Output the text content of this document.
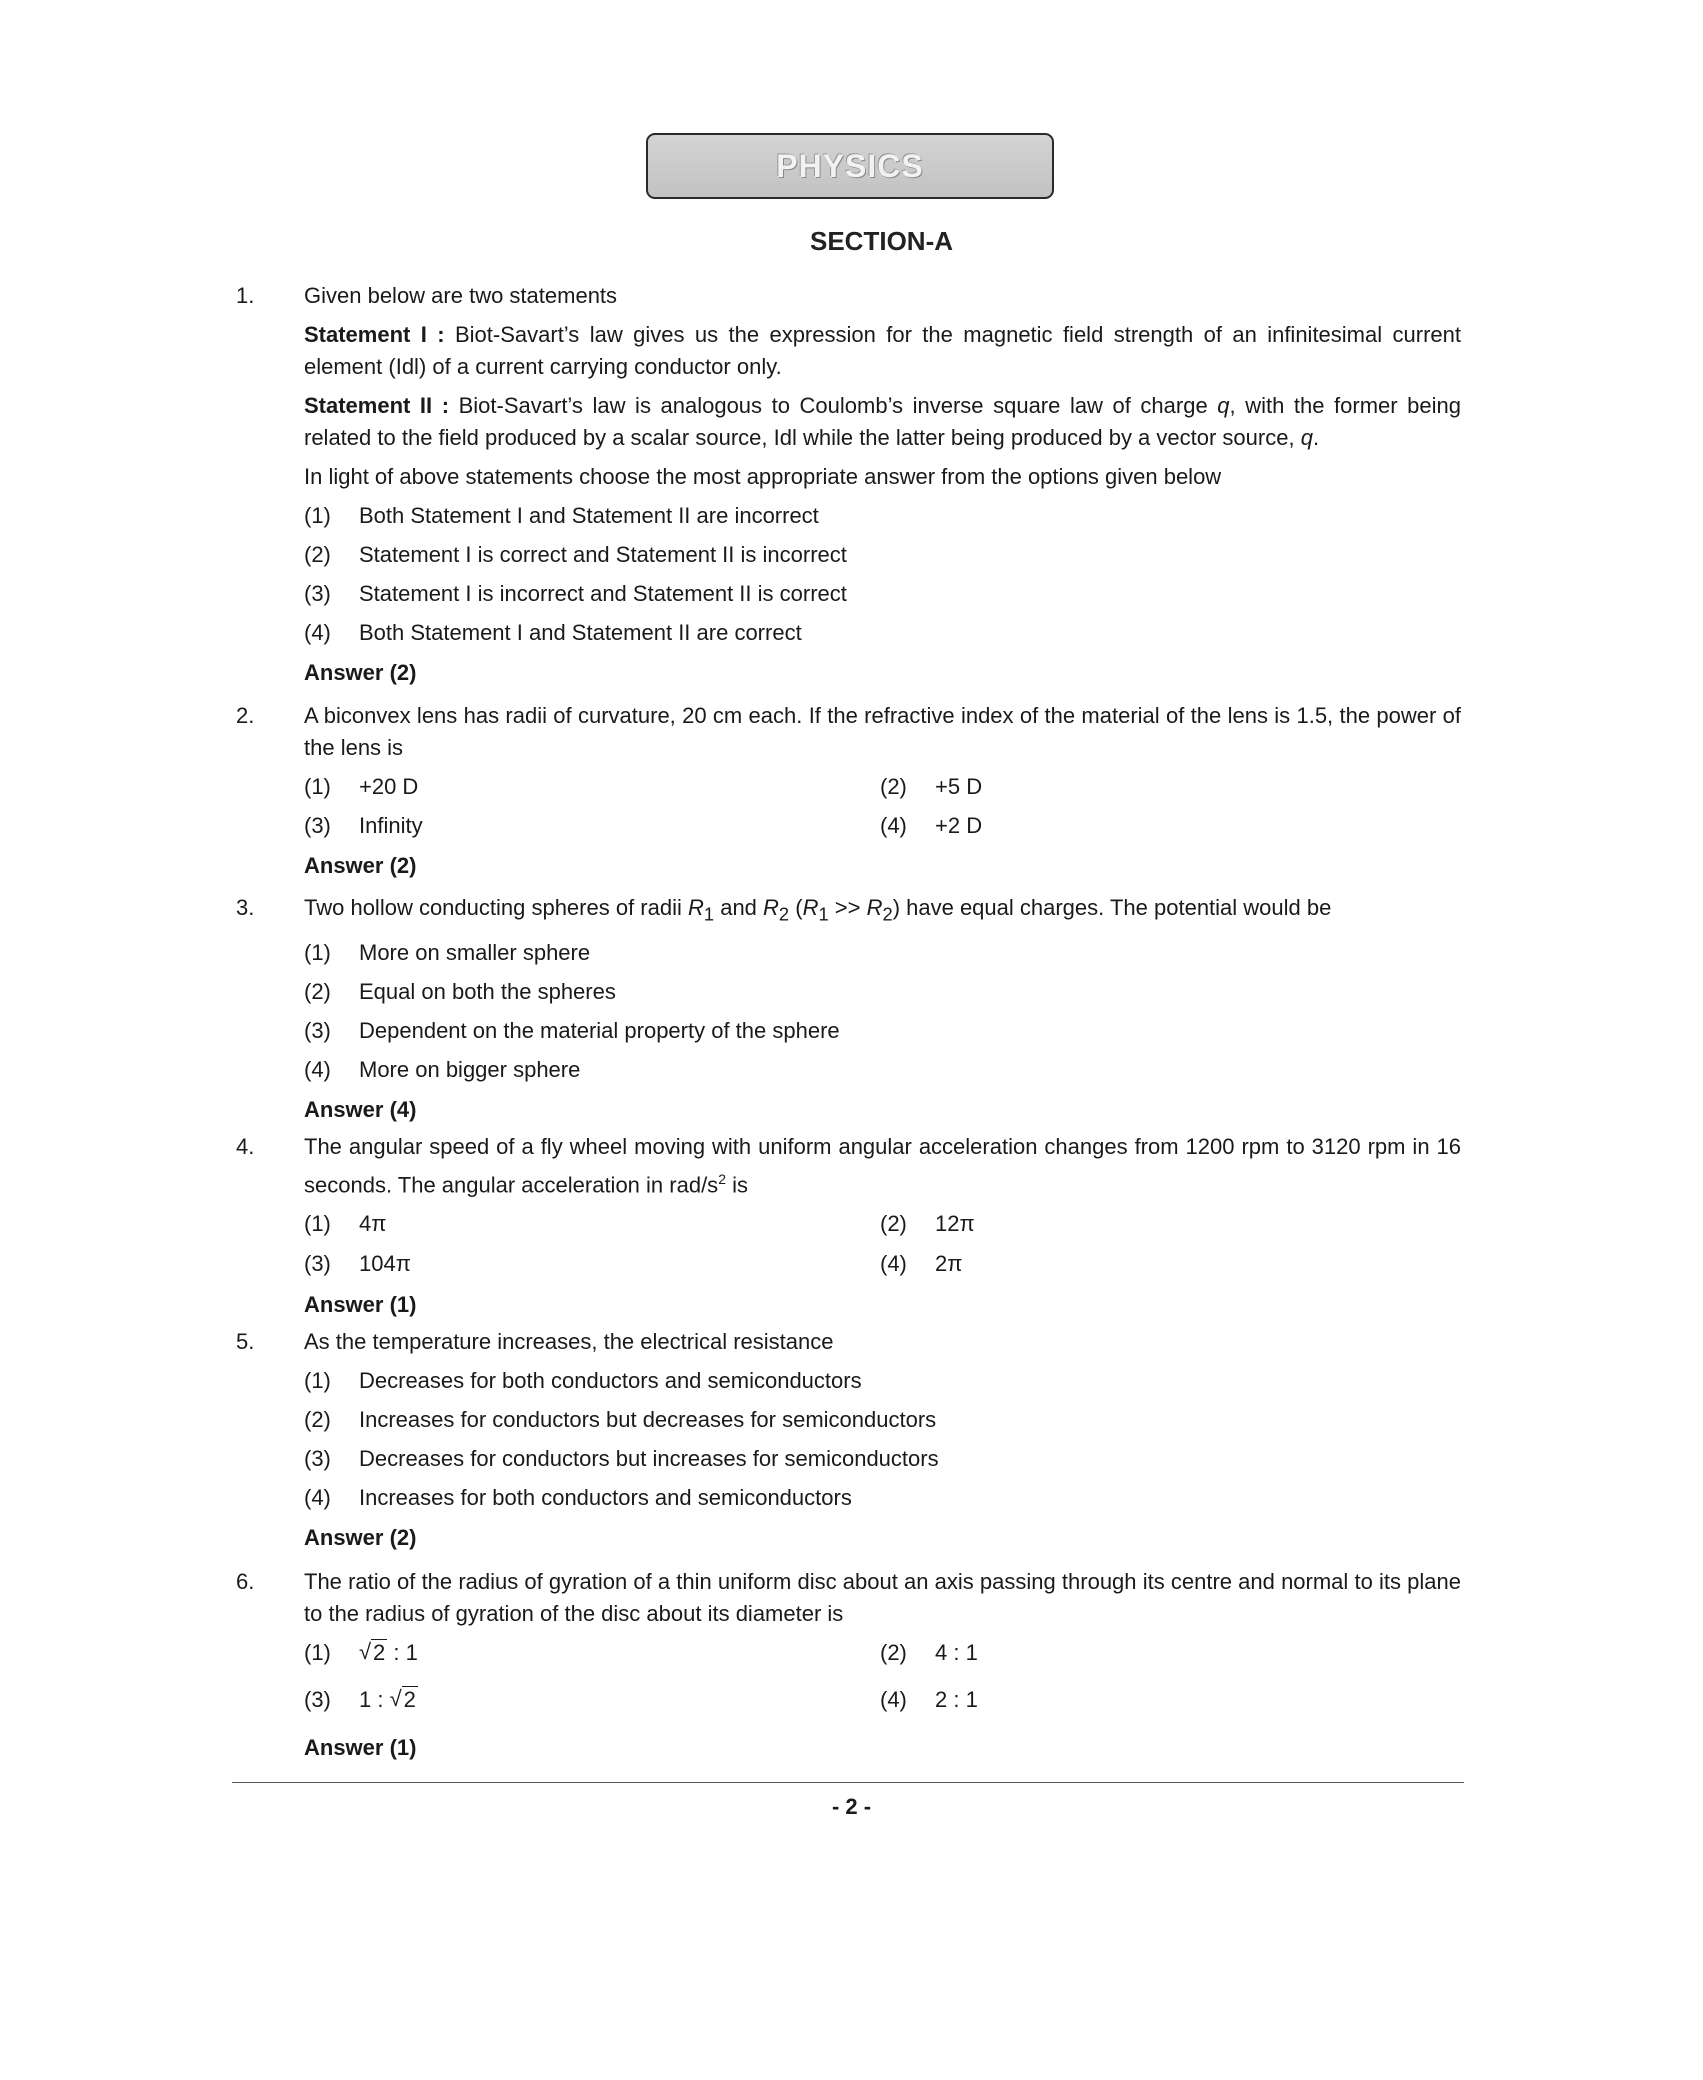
PHYSICS
SECTION-A
1. Given below are two statements
Statement I : Biot-Savart’s law gives us the expression for the magnetic field strength of an infinitesimal current element (Idl) of a current carrying conductor only.
Statement II : Biot-Savart’s law is analogous to Coulomb’s inverse square law of charge q, with the former being related to the field produced by a scalar source, Idl while the latter being produced by a vector source, q.
In light of above statements choose the most appropriate answer from the options given below
(1)	Both Statement I and Statement II are incorrect
(2)	Statement I is correct and Statement II is incorrect
(3)	Statement I is incorrect and Statement II is correct
(4)	Both Statement I and Statement II are correct
Answer (2)
2. A biconvex lens has radii of curvature, 20 cm each. If the refractive index of the material of the lens is 1.5, the power of the lens is
(1)	+20 D	(2)	+5 D
(3)	Infinity	(4)	+2 D
Answer (2)
3. Two hollow conducting spheres of radii $R_1$ and $R_2$ $(R_1 >> R_2)$ have equal charges. The potential would be
(1)	More on smaller sphere
(2)	Equal on both the spheres
(3)	Dependent on the material property of the sphere
(4)	More on bigger sphere
Answer (4)
4. The angular speed of a fly wheel moving with uniform angular acceleration changes from 1200 rpm to 3120 rpm in 16 seconds. The angular acceleration in rad/$s^2$ is
(1)	4π	(2)	12π
(3)	104π	(4)	2π
Answer (1)
5. As the temperature increases, the electrical resistance
(1)	Decreases for both conductors and semiconductors
(2)	Increases for conductors but decreases for semiconductors
(3)	Decreases for conductors but increases for semiconductors
(4)	Increases for both conductors and semiconductors
Answer (2)
6. The ratio of the radius of gyration of a thin uniform disc about an axis passing through its centre and normal to its plane to the radius of gyration of the disc about its diameter is
(1)
√	2 : 1	(2)	4 : 1
(3)	1 : √ 2	(4)	2 : 1
Answer (1)
- 2 -
